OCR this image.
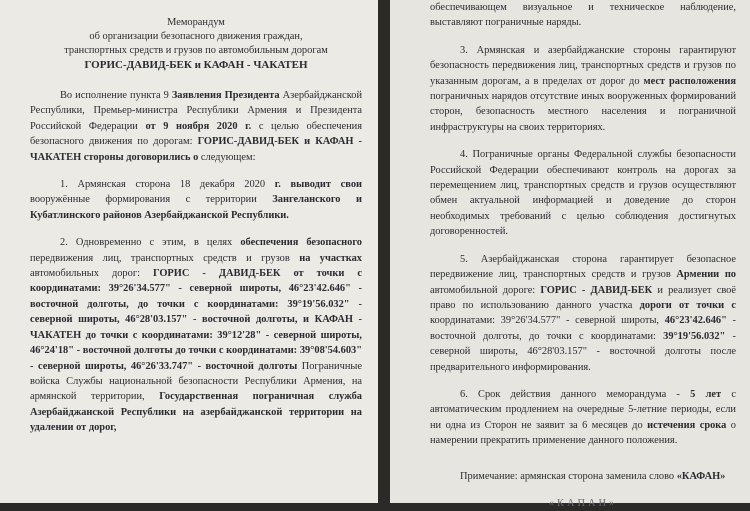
Меморандум
об организации безопасного движения граждан,
транспортных средств и грузов по автомобильным дорогам
ГОРИС-ДАВИД-БЕК и КАФАН - ЧАКАТЕН

Во исполнение пункта 9 Заявления Президента Азербайджанской Республики, Премьер-министра Республики Армения и Президента Российской Федерации от 9 ноября 2020 г. с целью обеспечения безопасного движения по дорогам: ГОРИС-ДАВИД-БЕК и КАФАН - ЧАКАТЕН стороны договорились о следующем:

1. Армянская сторона 18 декабря 2020 г. выводит свои вооружённые формирования с территории Зангеланского и Кубатлинского районов Азербайджанской Республики.

2. Одновременно с этим, в целях обеспечения безопасного передвижения лиц, транспортных средств и грузов на участках автомобильных дорог: ГОРИС - ДАВИД-БЕК от точки с координатами: 39°26'34.577" - северной широты, 46°23'42.646" - восточной долготы, до точки с координатами: 39°19'56.032" - северной широты, 46°28'03.157" - восточной долготы, и КАФАН - ЧАКАТЕН до точки с координатами: 39°12'28" - северной широты, 46°24'18" - восточной долготы до точки с координатами: 39°08'54.603" - северной широты, 46°26'33.747" - восточной долготы Пограничные войска Службы национальной безопасности Республики Армения, на армянской территории, Государственная пограничная служба Азербайджанской Республики на азербайджанской территории на удалении от дорог,

обеспечивающем визуальное и техническое наблюдение, выставляют пограничные наряды.

3. Армянская и азербайджанские стороны гарантируют безопасность передвижения лиц, транспортных средств и грузов по указанным дорогам, а в пределах от дорог до мест расположения пограничных нарядов отсутствие иных вооруженных формирований сторон, безопасность местного населения и пограничной инфраструктуры на своих территориях.

4. Пограничные органы Федеральной службы безопасности Российской Федерации обеспечивают контроль на дорогах за перемещением лиц, транспортных средств и грузов осуществляют обмен актуальной информацией и доведение до сторон необходимых требований с целью соблюдения достигнутых договоренностей.

5. Азербайджанская сторона гарантирует безопасное передвижение лиц, транспортных средств и грузов Армении по автомобильной дороге: ГОРИС - ДАВИД-БЕК и реализует своё право по использованию данного участка дороги от точки с координатами: 39°26'34.577" - северной широты, 46°23'42.646" - восточной долготы, до точки с координатами: 39°19'56.032" - северной широты, 46°28'03.157" - восточной долготы после предварительного информирования.

6. Срок действия данного меморандума - 5 лет с автоматическим продлением на очередные 5-летние периоды, если ни одна из Сторон не заявит за 6 месяцев до истечения срока о намерении прекратить применение данного положения.

Примечание: армянская сторона заменила слово «КАФАН»

«КАПАН»
